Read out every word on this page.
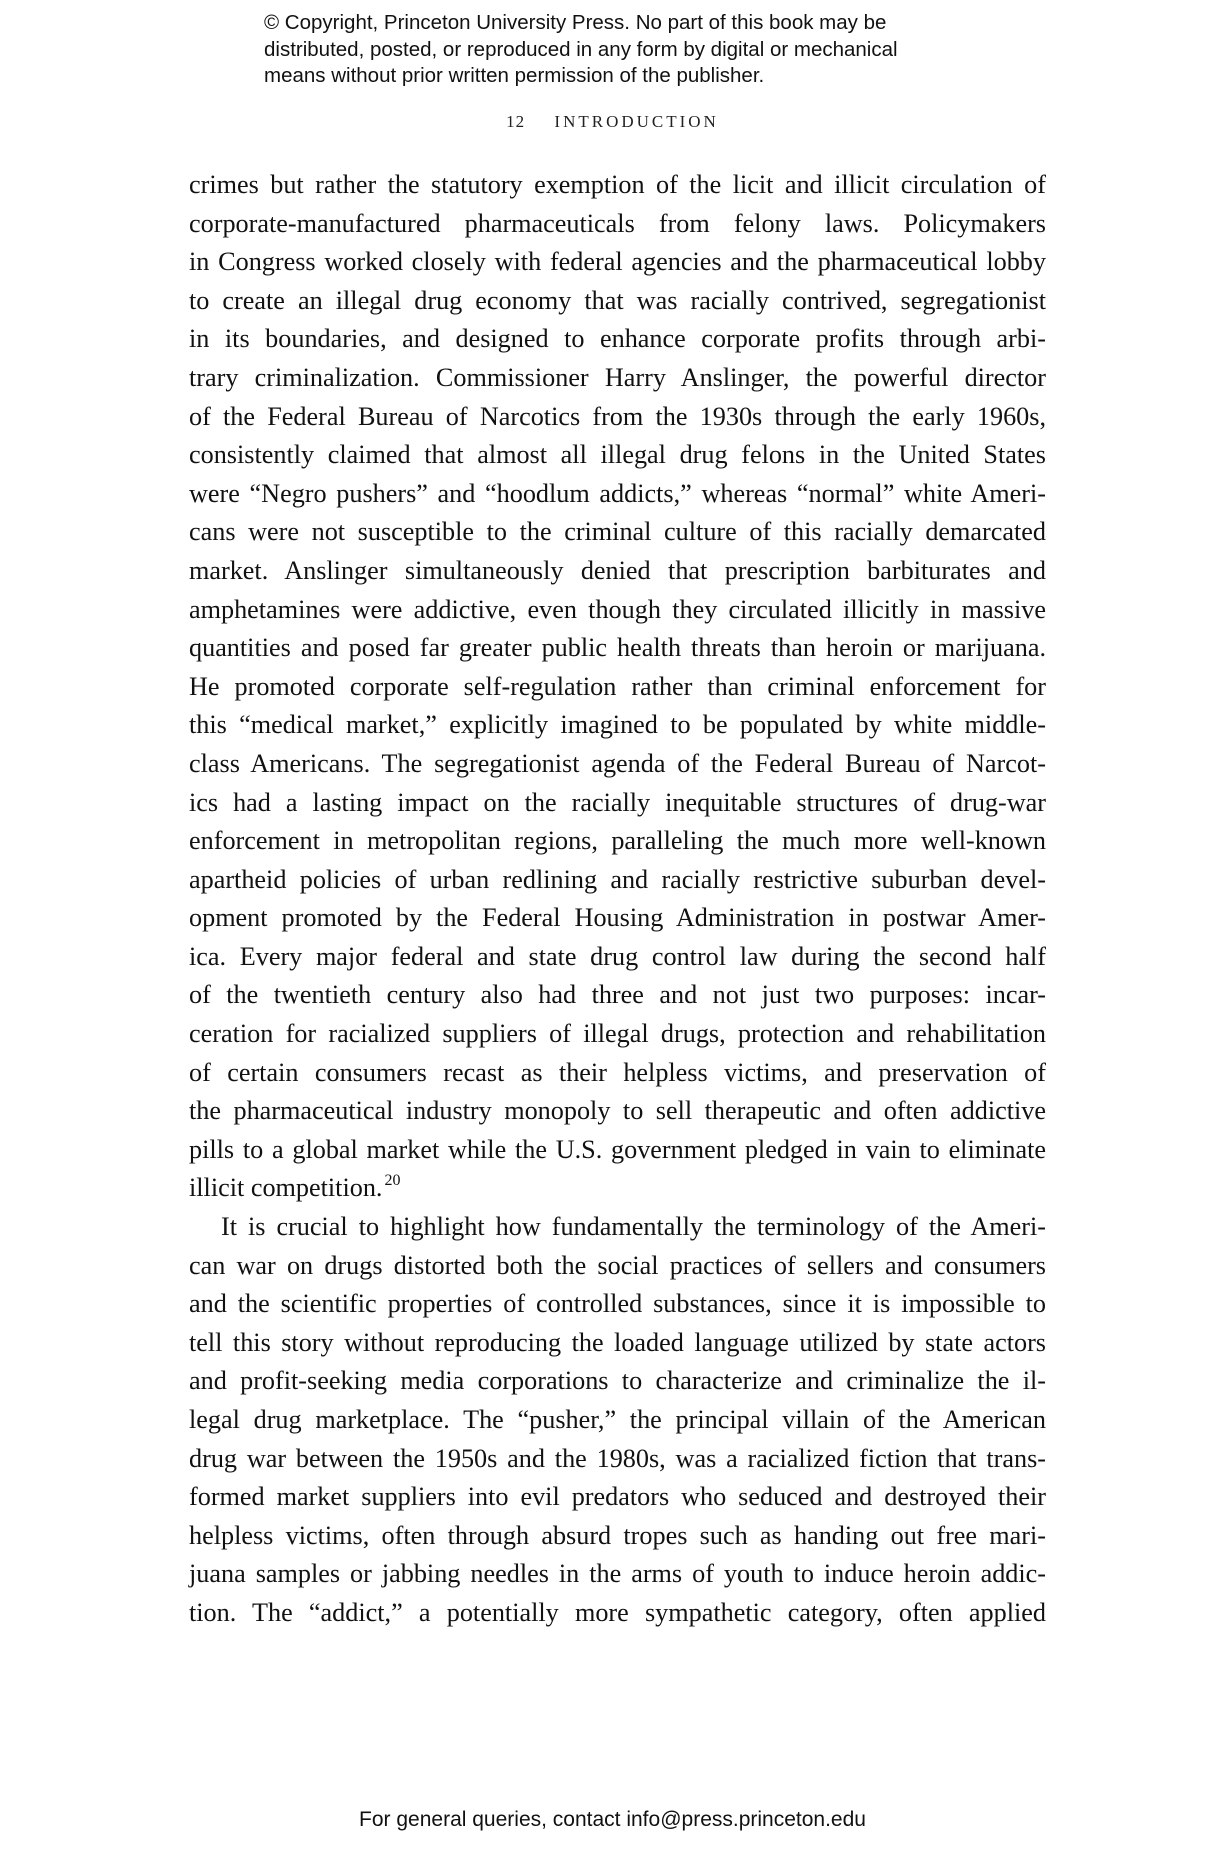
© Copyright, Princeton University Press. No part of this book may be
distributed, posted, or reproduced in any form by digital or mechanical
means without prior written permission of the publisher.
12 INTRODUCTION
crimes but rather the statutory exemption of the licit and illicit circulation of
corporate-manufactured pharmaceuticals from felony laws. Policymakers
in Congress worked closely with federal agencies and the pharmaceutical lobby
to create an illegal drug economy that was racially contrived, segregationist
in its boundaries, and designed to enhance corporate profits through arbi-
trary criminalization. Commissioner Harry Anslinger, the powerful director
of the Federal Bureau of Narcotics from the 1930s through the early 1960s,
consistently claimed that almost all illegal drug felons in the United States
were “Negro pushers” and “hoodlum addicts,” whereas “normal” white Ameri-
cans were not susceptible to the criminal culture of this racially demarcated
market. Anslinger simultaneously denied that prescription barbiturates and
amphetamines were addictive, even though they circulated illicitly in massive
quantities and posed far greater public health threats than heroin or marijuana.
He promoted corporate self-regulation rather than criminal enforcement for
this “medical market,” explicitly imagined to be populated by white middle-
class Americans. The segregationist agenda of the Federal Bureau of Narcot-
ics had a lasting impact on the racially inequitable structures of drug-war
enforcement in metropolitan regions, paralleling the much more well-known
apartheid policies of urban redlining and racially restrictive suburban devel-
opment promoted by the Federal Housing Administration in postwar Amer-
ica. Every major federal and state drug control law during the second half
of the twentieth century also had three and not just two purposes: incar-
ceration for racialized suppliers of illegal drugs, protection and rehabilitation
of certain consumers recast as their helpless victims, and preservation of
the pharmaceutical industry monopoly to sell therapeutic and often addictive
pills to a global market while the U.S. government pledged in vain to eliminate
illicit competition. $^{20}$
It is crucial to highlight how fundamentally the terminology of the Ameri-
can war on drugs distorted both the social practices of sellers and consumers
and the scientific properties of controlled substances, since it is impossible to
tell this story without reproducing the loaded language utilized by state actors
and profit-seeking media corporations to characterize and criminalize the il-
legal drug marketplace. The “pusher,” the principal villain of the American
drug war between the 1950s and the 1980s, was a racialized fiction that trans-
formed market suppliers into evil predators who seduced and destroyed their
helpless victims, often through absurd tropes such as handing out free mari-
juana samples or jabbing needles in the arms of youth to induce heroin addic-
tion. The “addict,” a potentially more sympathetic category, often applied
For general queries, contact info@press.princeton.edu
